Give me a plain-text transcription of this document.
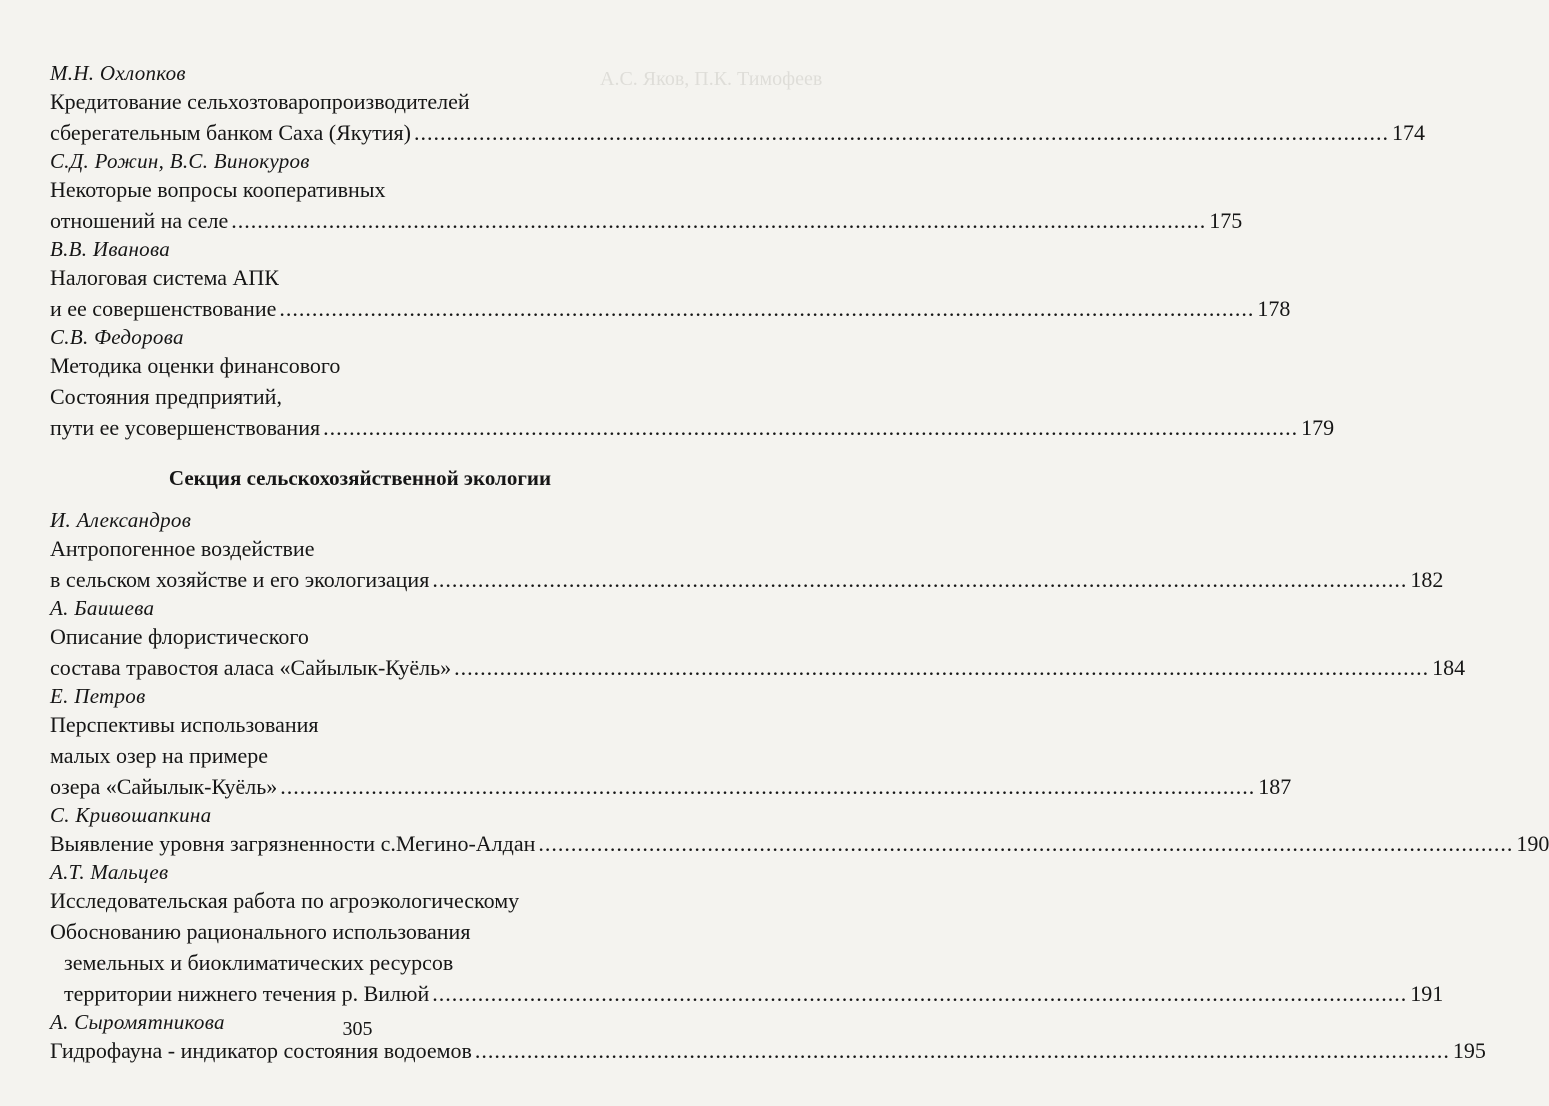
А.С. Яков, П.К. Тимофеев
М.Н. Охлопков
Кредитование сельхозтоваропроизводителей
сберегательным банком Саха (Якутия) .....	174
С.Д. Рожин, В.С. Винокуров
Некоторые вопросы кооперативных
отношений на селе .....	175
В.В. Иванова
Налоговая система АПК
и ее совершенствование .....	178
С.В. Федорова
Методика оценки финансового
Состояния предприятий,
пути ее усовершенствования .....	179
Секция сельскохозяйственной экологии
И. Александров
Антропогенное воздействие
в сельском хозяйстве и его экологизация .....	182
А. Баишева
Описание флористического
состава травостоя алаcа «Сайылык-Куёль» .....	184
Е. Петров
Перспективы использования
малых озер на примере
озера «Сайылык-Куёль» .....	187
С. Кривошапкина
Выявление уровня загрязненности с.Мегино-Алдан .....	190
А.Т. Мальцев
Исследовательская работа по агроэкологическому
Обоснованию рационального использования
земельных и биоклиматических ресурсов
территории нижнего течения р. Вилюй .....	191
А. Сыромятникова
Гидрофауна - индикатор состояния водоемов .....	195
305
